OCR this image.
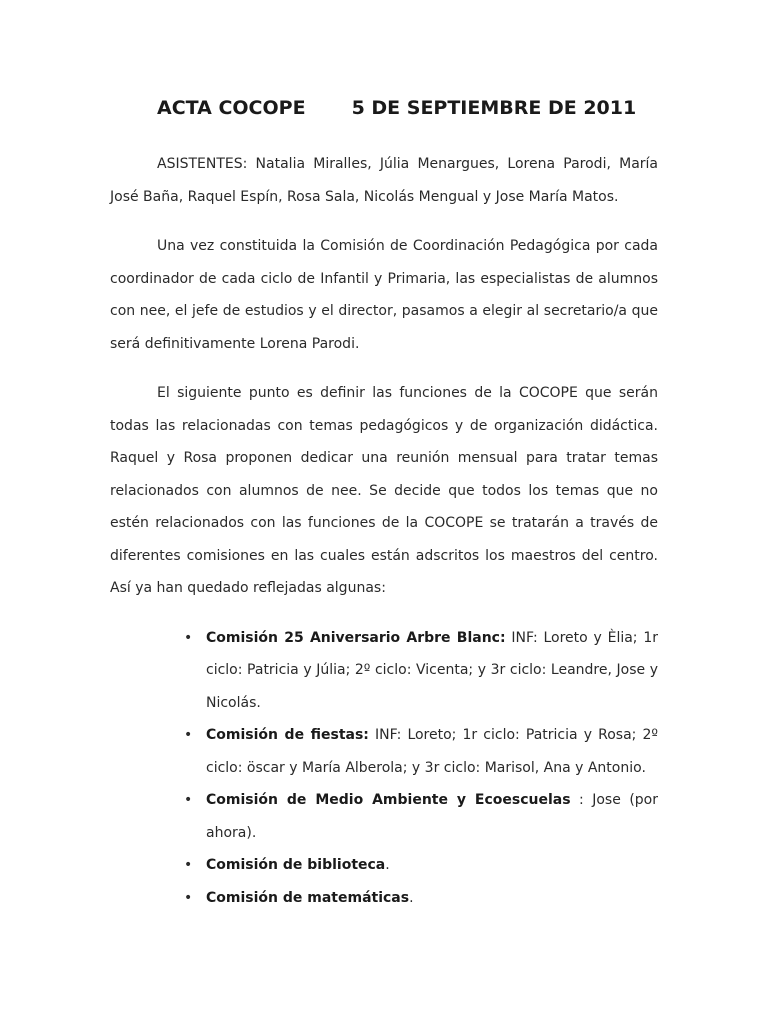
ACTA COCOPE 5 DE SEPTIEMBRE DE 2011

ASISTENTES: Natalia Miralles, Júlia Menargues, Lorena Parodi, María José Baña, Raquel Espín, Rosa Sala, Nicolás Mengual y Jose María Matos.

Una vez constituida la Comisión de Coordinación Pedagógica por cada coordinador de cada ciclo de Infantil y Primaria, las especialistas de alumnos con nee, el jefe de estudios y el director, pasamos a elegir al secretario/a que será definitivamente Lorena Parodi.

El siguiente punto es definir las funciones de la COCOPE que serán todas las relacionadas con temas pedagógicos y de organización didáctica. Raquel y Rosa proponen dedicar una reunión mensual para tratar temas relacionados con alumnos de nee. Se decide que todos los temas que no estén relacionados con las funciones de la COCOPE se tratarán a través de diferentes comisiones en las cuales están adscritos los maestros del centro. Así ya han quedado reflejadas algunas:

• Comisión 25 Aniversario Arbre Blanc: INF: Loreto y Èlia; 1r ciclo: Patricia y Júlia; 2º ciclo: Vicenta; y 3r ciclo: Leandre, Jose y Nicolás.
• Comisión de fiestas: INF: Loreto; 1r ciclo: Patricia y Rosa; 2º ciclo: öscar y María Alberola; y 3r ciclo: Marisol, Ana y Antonio.
• Comisión de Medio Ambiente y Ecoescuelas : Jose (por ahora).
• Comisión de biblioteca.
• Comisión de matemáticas.
